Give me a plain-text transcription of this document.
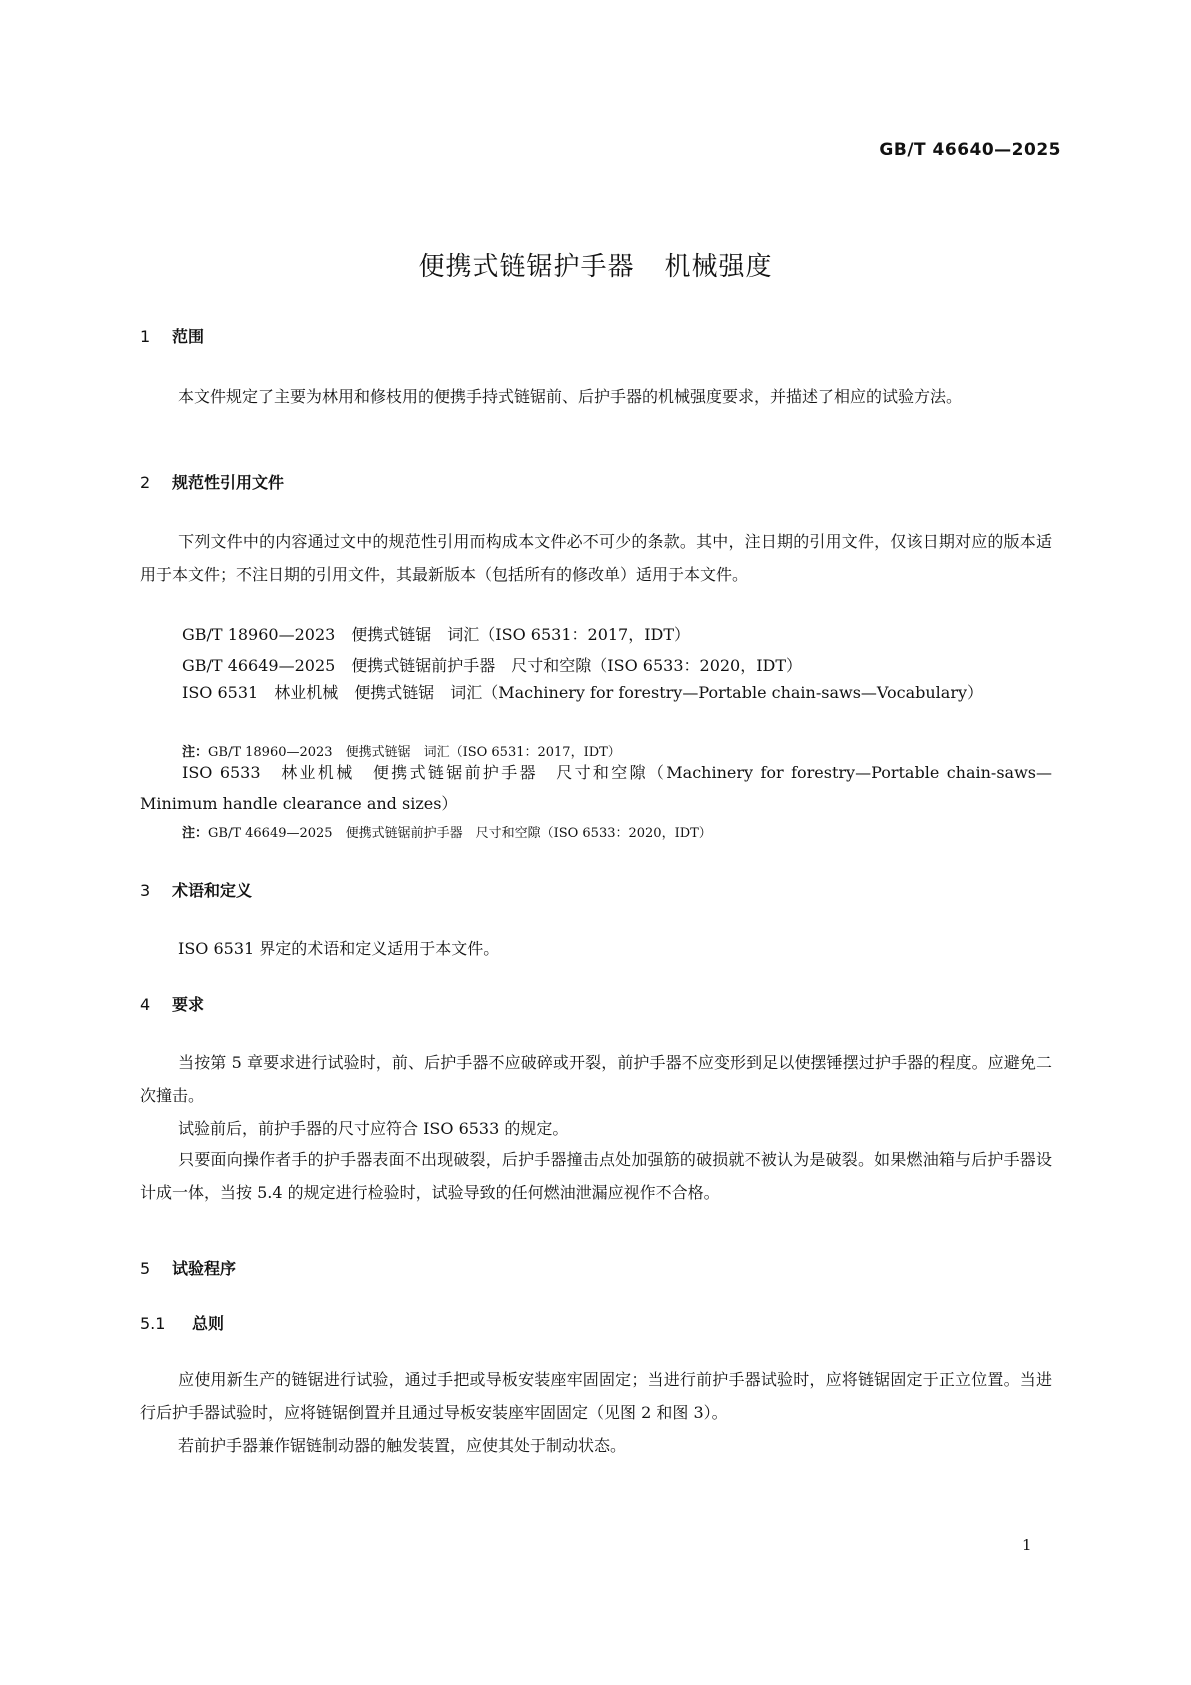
GB/T 46640—2025
便携式链锯护手器 机械强度
1 范围
本文件规定了主要为林用和修枝用的便携手持式链锯前、后护手器的机械强度要求，并描述了相应的试验方法。
2 规范性引用文件
下列文件中的内容通过文中的规范性引用而构成本文件必不可少的条款。其中，注日期的引用文件，仅该日期对应的版本适用于本文件；不注日期的引用文件，其最新版本（包括所有的修改单）适用于本文件。
GB/T 18960—2023　便携式链锯　词汇（ISO 6531：2017，IDT）
GB/T 46649—2025　便携式链锯前护手器　尺寸和空隙（ISO 6533：2020，IDT）
ISO 6531　林业机械　便携式链锯　词汇（Machinery for forestry—Portable chain-saws—Vocabulary）
注：GB/T 18960—2023　便携式链锯　词汇（ISO 6531：2017，IDT）
ISO 6533　林业机械　便携式链锯前护手器　尺寸和空隙（Machinery for forestry—Portable chain-saws—Minimum handle clearance and sizes）
注：GB/T 46649—2025　便携式链锯前护手器　尺寸和空隙（ISO 6533：2020，IDT）
3 术语和定义
ISO 6531 界定的术语和定义适用于本文件。
4 要求
当按第 5 章要求进行试验时，前、后护手器不应破碎或开裂，前护手器不应变形到足以使摆锤摆过护手器的程度。应避免二次撞击。
试验前后，前护手器的尺寸应符合 ISO 6533 的规定。
只要面向操作者手的护手器表面不出现破裂，后护手器撞击点处加强筋的破损就不被认为是破裂。如果燃油箱与后护手器设计成一体，当按 5.4 的规定进行检验时，试验导致的任何燃油泄漏应视作不合格。
5 试验程序
5.1 总则
应使用新生产的链锯进行试验，通过手把或导板安装座牢固固定；当进行前护手器试验时，应将链锯固定于正立位置。当进行后护手器试验时，应将链锯倒置并且通过导板安装座牢固固定（见图 2 和图 3）。
若前护手器兼作锯链制动器的触发装置，应使其处于制动状态。
1
